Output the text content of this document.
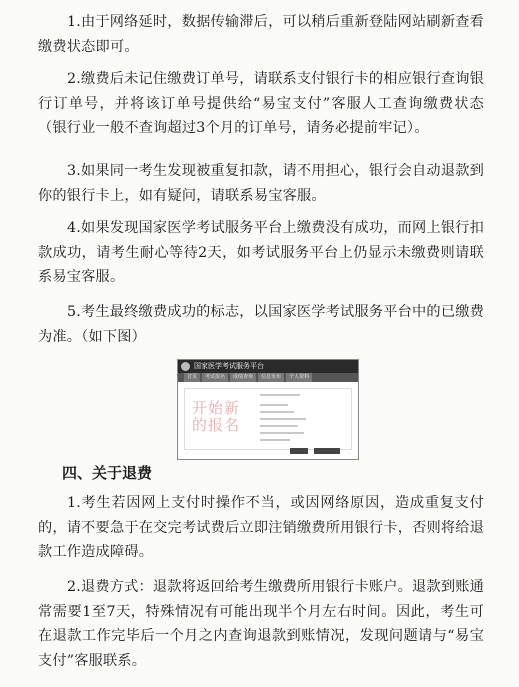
1.由于网络延时，数据传输滞后，可以稍后重新登陆网站刷新查看缴费状态即可。

2.缴费后未记住缴费订单号，请联系支付银行卡的相应银行查询银行订单号，并将该订单号提供给“易宝支付”客服人工查询缴费状态（银行业一般不查询超过3个月的订单号，请务必提前牢记）。

3.如果同一考生发现被重复扣款，请不用担心，银行会自动退款到你的银行卡上，如有疑问，请联系易宝客服。

4.如果发现国家医学考试服务平台上缴费没有成功，而网上银行扣款成功，请考生耐心等待2天，如考试服务平台上仍显示未缴费则请联系易宝客服。

5.考生最终缴费成功的标志，以国家医学考试服务平台中的已缴费为准。（如下图）

国家医学考试服务平台
首页	考试报名	成绩查询	信息发布	个人资料
开始新
的报名
四、关于退费

1.考生若因网上支付时操作不当，或因网络原因，造成重复支付的，请不要急于在交完考试费后立即注销缴费所用银行卡，否则将给退款工作造成障碍。

2.退费方式：退款将返回给考生缴费所用银行卡账户。退款到账通常需要1至7天，特殊情况有可能出现半个月左右时间。因此，考生可在退款工作完毕后一个月之内查询退款到账情况，发现问题请与“易宝支付”客服联系。
